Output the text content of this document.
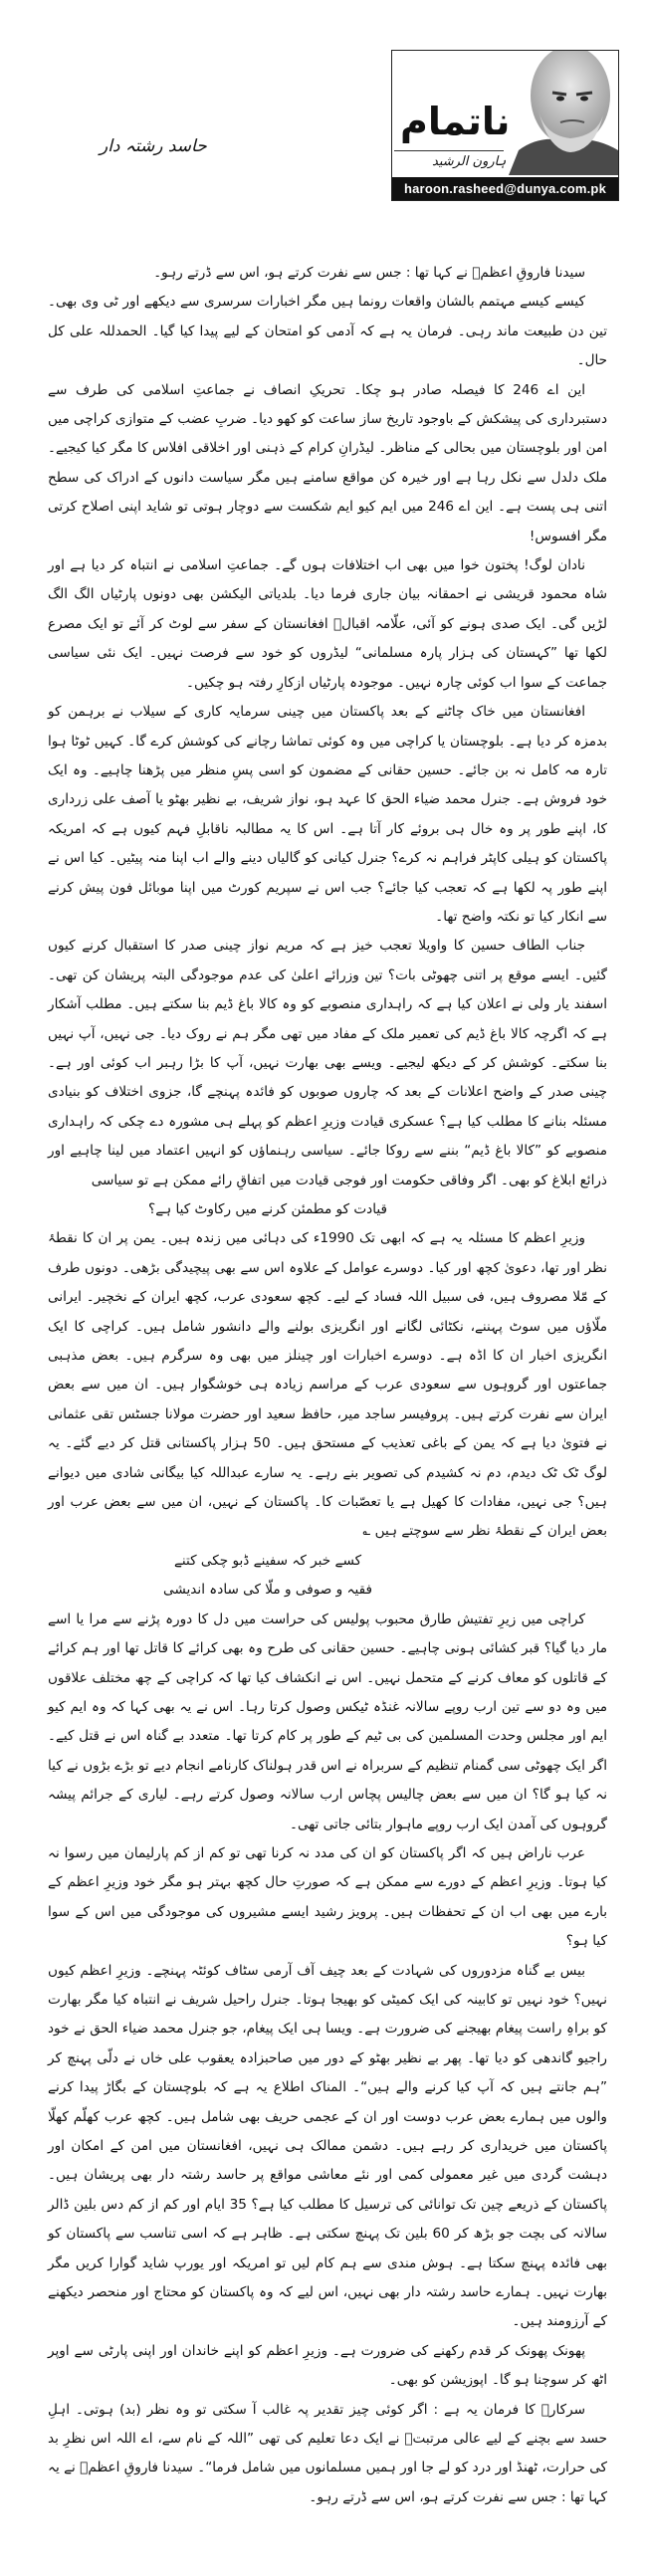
ناتمام
ہارون الرشید
haroon.rasheed@dunya.com.pk
حاسد رشتہ دار

سیدنا فاروقِ اعظمؓ نے کہا تھا : جس سے نفرت کرتے ہو، اس سے ڈرتے رہو۔

کیسے کیسے مہتمم بالشان واقعات رونما ہیں مگر اخبارات سرسری سے دیکھے اور ٹی وی بھی۔ تین دن طبیعت ماند رہی۔ فرمان یہ ہے کہ آدمی کو امتحان کے لیے پیدا کیا گیا۔ الحمدللہ علی کل حال۔

این اے 246 کا فیصلہ صادر ہو چکا۔ تحریکِ انصاف نے جماعتِ اسلامی کی طرف سے دستبرداری کی پیشکش کے باوجود تاریخ ساز ساعت کو کھو دیا۔ ضربِ عضب کے متوازی کراچی میں امن اور بلوچستان میں بحالی کے مناظر۔ لیڈرانِ کرام کے ذہنی اور اخلاقی افلاس کا مگر کیا کیجیے۔ ملک دلدل سے نکل رہا ہے اور خیرہ کن مواقع سامنے ہیں مگر سیاست دانوں کے ادراک کی سطح اتنی ہی پست ہے۔ این اے 246 میں ایم کیو ایم شکست سے دوچار ہوتی تو شاید اپنی اصلاح کرتی مگر افسوس!

نادان لوگ! پختون خوا میں بھی اب اختلافات ہوں گے۔ جماعتِ اسلامی نے انتباہ کر دیا ہے اور شاہ محمود قریشی نے احمقانہ بیان جاری فرما دیا۔ بلدیاتی الیکشن بھی دونوں پارٹیاں الگ الگ لڑیں گی۔ ایک صدی ہونے کو آئی، علّامہ اقبالؔ افغانستان کے سفر سے لوٹ کر آئے تو ایک مصرع لکھا تھا ”کہستان کی ہزار پارہ مسلمانی“ لیڈروں کو خود سے فرصت نہیں۔ ایک نئی سیاسی جماعت کے سوا اب کوئی چارہ نہیں۔ موجودہ پارٹیاں ازکارِ رفتہ ہو چکیں۔

افغانستان میں خاک چاٹنے کے بعد پاکستان میں چینی سرمایہ کاری کے سیلاب نے برہمن کو بدمزہ کر دیا ہے۔ بلوچستان یا کراچی میں وہ کوئی تماشا رچانے کی کوشش کرے گا۔ کہیں ٹوٹا ہوا تارہ مہ کامل نہ بن جائے۔ حسین حقانی کے مضمون کو اسی پسِ منظر میں پڑھنا چاہیے۔ وہ ایک خود فروش ہے۔ جنرل محمد ضیاء الحق کا عہد ہو، نواز شریف، بے نظیر بھٹو یا آصف علی زرداری کا، اپنے طور پر وہ خال ہی بروئے کار آتا ہے۔ اس کا یہ مطالبہ ناقابلِ فہم کیوں ہے کہ امریکہ پاکستان کو ہیلی کاپٹر فراہم نہ کرے؟ جنرل کیانی کو گالیاں دینے والے اب اپنا منہ پیٹیں۔ کیا اس نے اپنے طور پہ لکھا ہے کہ تعجب کیا جائے؟ جب اس نے سپریم کورٹ میں اپنا موبائل فون پیش کرنے سے انکار کیا تو نکتہ واضح تھا۔

جناب الطاف حسین کا واویلا تعجب خیز ہے کہ مریم نواز چینی صدر کا استقبال کرنے کیوں گئیں۔ ایسے موقع پر اتنی چھوٹی بات؟ تین وزرائے اعلیٰ کی عدم موجودگی البتہ پریشان کن تھی۔ اسفند یار ولی نے اعلان کیا ہے کہ راہداری منصوبے کو وہ کالا باغ ڈیم بنا سکتے ہیں۔ مطلب آشکار ہے کہ اگرچہ کالا باغ ڈیم کی تعمیر ملک کے مفاد میں تھی مگر ہم نے روک دیا۔ جی نہیں، آپ نہیں بنا سکتے۔ کوشش کر کے دیکھ لیجیے۔ ویسے بھی بھارت نہیں، آپ کا بڑا رہبر اب کوئی اور ہے۔ چینی صدر کے واضح اعلانات کے بعد کہ چاروں صوبوں کو فائدہ پہنچے گا، جزوی اختلاف کو بنیادی مسئلہ بنانے کا مطلب کیا ہے؟ عسکری قیادت وزیرِ اعظم کو پہلے ہی مشورہ دے چکی کہ راہداری منصوبے کو ”کالا باغ ڈیم“ بننے سے روکا جائے۔ سیاسی رہنماؤں کو انہیں اعتماد میں لینا چاہیے اور ذرائع ابلاغ کو بھی۔ اگر وفاقی حکومت اور فوجی قیادت میں اتفاقِ رائے ممکن ہے تو سیاسی

قیادت کو مطمئن کرنے میں رکاوٹ کیا ہے؟

وزیرِ اعظم کا مسئلہ یہ ہے کہ ابھی تک 1990ء کی دہائی میں زندہ ہیں۔ یمن پر ان کا نقطۂ نظر اور تھا، دعویٰ کچھ اور کیا۔ دوسرے عوامل کے علاوہ اس سے بھی پیچیدگی بڑھی۔ دونوں طرف کے مّلا مصروف ہیں، فی سبیل اللہ فساد کے لیے۔ کچھ سعودی عرب، کچھ ایران کے نخچیر۔ ایرانی ملّاؤں میں سوٹ پہننے، نکٹائی لگانے اور انگریزی بولنے والے دانشور شامل ہیں۔ کراچی کا ایک انگریزی اخبار ان کا اڈہ ہے۔ دوسرے اخبارات اور چینلز میں بھی وہ سرگرم ہیں۔ بعض مذہبی جماعتوں اور گروہوں سے سعودی عرب کے مراسم زیادہ ہی خوشگوار ہیں۔ ان میں سے بعض ایران سے نفرت کرتے ہیں۔ پروفیسر ساجد میر، حافظ سعید اور حضرت مولانا جسٹس تقی عثمانی نے فتویٰ دیا ہے کہ یمن کے باغی تعذیب کے مستحق ہیں۔ 50 ہزار پاکستانی قتل کر دیے گئے۔ یہ لوگ ٹک ٹک دیدم، دم نہ کشیدم کی تصویر بنے رہے۔ یہ سارے عبداللہ کیا بیگانی شادی میں دیوانے ہیں؟ جی نہیں، مفادات کا کھیل ہے یا تعصّبات کا۔ پاکستان کے نہیں، ان میں سے بعض عرب اور بعض ایران کے نقطۂ نظر سے سوچتے ہیں ؎

کسے خبر کہ سفینے ڈبو چکی کتنے

فقیہ و صوفی و ملّا کی سادہ اندیشی

کراچی میں زیرِ تفتیش طارق محبوب پولیس کی حراست میں دل کا دورہ پڑنے سے مرا یا اسے مار دیا گیا؟ قبر کشائی ہونی چاہیے۔ حسین حقانی کی طرح وہ بھی کرائے کا قاتل تھا اور ہم کرائے کے قاتلوں کو معاف کرنے کے متحمل نہیں۔ اس نے انکشاف کیا تھا کہ کراچی کے چھ مختلف علاقوں میں وہ دو سے تین ارب روپے سالانہ غنڈہ ٹیکس وصول کرتا رہا۔ اس نے یہ بھی کہا کہ وہ ایم کیو ایم اور مجلس وحدت المسلمین کی بی ٹیم کے طور پر کام کرتا تھا۔ متعدد بے گناہ اس نے قتل کیے۔ اگر ایک چھوٹی سی گمنام تنظیم کے سربراہ نے اس قدر ہولناک کارنامے انجام دیے تو بڑے بڑوں نے کیا نہ کیا ہو گا؟ ان میں سے بعض چالیس پچاس ارب سالانہ وصول کرتے رہے۔ لیاری کے جرائم پیشہ گروہوں کی آمدن ایک ارب روپے ماہوار بتائی جاتی تھی۔

عرب ناراض ہیں کہ اگر پاکستان کو ان کی مدد نہ کرنا تھی تو کم از کم پارلیمان میں رسوا نہ کیا ہوتا۔ وزیرِ اعظم کے دورے سے ممکن ہے کہ صورتِ حال کچھ بہتر ہو مگر خود وزیرِ اعظم کے بارے میں بھی اب ان کے تحفظات ہیں۔ پرویز رشید ایسے مشیروں کی موجودگی میں اس کے سوا کیا ہو؟

بیس بے گناہ مزدوروں کی شہادت کے بعد چیف آف آرمی سٹاف کوئٹہ پہنچے۔ وزیرِ اعظم کیوں نہیں؟ خود نہیں تو کابینہ کی ایک کمیٹی کو بھیجا ہوتا۔ جنرل راحیل شریف نے انتباہ کیا مگر بھارت کو براہِ راست پیغام بھیجنے کی ضرورت ہے۔ ویسا ہی ایک پیغام، جو جنرل محمد ضیاء الحق نے خود راجیو گاندھی کو دیا تھا۔ پھر بے نظیر بھٹو کے دور میں صاحبزادہ یعقوب علی خاں نے دلّی پہنچ کر ”ہم جانتے ہیں کہ آپ کیا کرنے والے ہیں“۔ المناک اطلاع یہ ہے کہ بلوچستان کے بگاڑ پیدا کرنے والوں میں ہمارے بعض عرب دوست اور ان کے عجمی حریف بھی شامل ہیں۔ کچھ عرب کھلّم کھلّا پاکستان میں خریداری کر رہے ہیں۔ دشمن ممالک ہی نہیں، افغانستان میں امن کے امکان اور دہشت گردی میں غیر معمولی کمی اور نئے معاشی مواقع پر حاسد رشتہ دار بھی پریشان ہیں۔ پاکستان کے ذریعے چین تک توانائی کی ترسیل کا مطلب کیا ہے؟ 35 ایام اور کم از کم دس بلین ڈالر سالانہ کی بچت جو بڑھ کر 60 بلین تک پہنچ سکتی ہے۔ ظاہر ہے کہ اسی تناسب سے پاکستان کو بھی فائدہ پہنچ سکتا ہے۔ ہوش مندی سے ہم کام لیں تو امریکہ اور یورپ شاید گوارا کریں مگر بھارت نہیں۔ ہمارے حاسد رشتہ دار بھی نہیں، اس لیے کہ وہ پاکستان کو محتاج اور منحصر دیکھنے کے آرزومند ہیں۔

پھونک پھونک کر قدم رکھنے کی ضرورت ہے۔ وزیرِ اعظم کو اپنے خاندان اور اپنی پارٹی سے اوپر اٹھ کر سوچنا ہو گا۔ اپوزیشن کو بھی۔

سرکارؐ کا فرمان یہ ہے : اگر کوئی چیز تقدیر پہ غالب آ سکتی تو وہ نظر (بد) ہوتی۔ اہلِ حسد سے بچنے کے لیے عالی مرتبتؐ نے ایک دعا تعلیم کی تھی ”اللہ کے نام سے، اے اللہ اس نظرِ بد کی حرارت، ٹھنڈ اور درد کو لے جا اور ہمیں مسلمانوں میں شامل فرما“۔ سیدنا فاروقِ اعظمؓ نے یہ کہا تھا : جس سے نفرت کرتے ہو، اس سے ڈرتے رہو۔
